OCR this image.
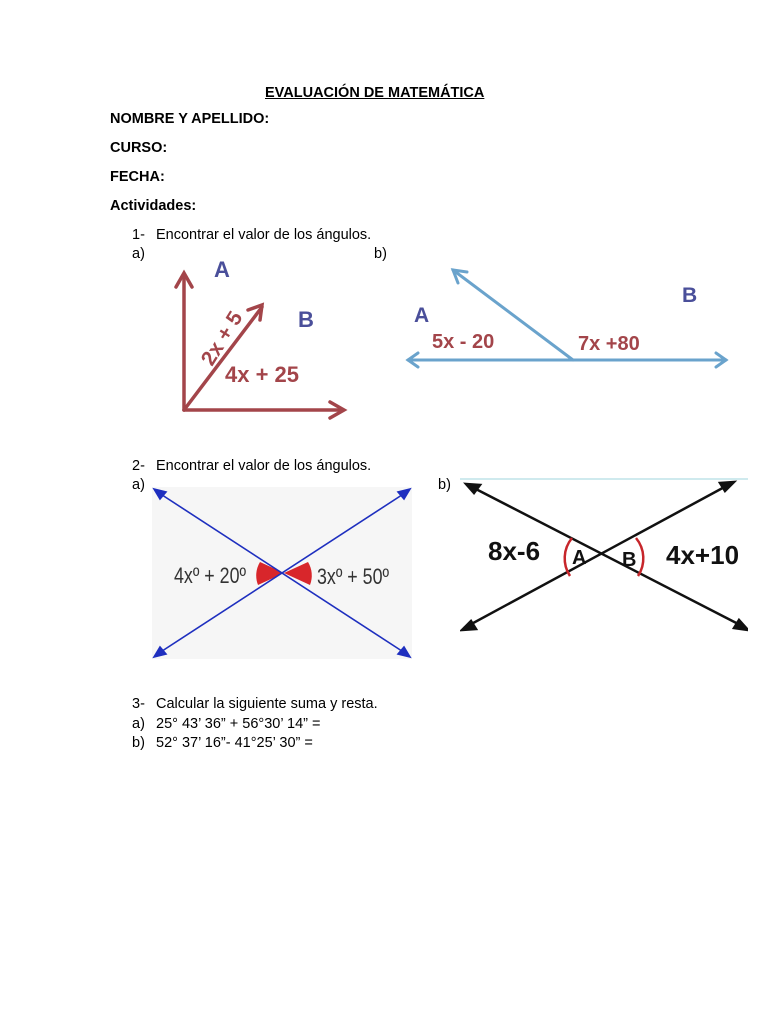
EVALUACIÓN DE MATEMÁTICA
NOMBRE Y APELLIDO:
CURSO:
FECHA:
Actividades:
1- Encontrar el valor de los ángulos.
a)	b)
A
B
2x + 5
4x + 25
A
B
5x - 20	7x +80
2- Encontrar el valor de los ángulos.
a)	b)
4xº + 20º	3xº + 50º
A B
8x-6	4x+10
3- Calcular la siguiente suma y resta.
a) 25° 43’ 36” + 56°30’ 14” =
b) 52° 37’ 16”- 41°25’ 30” =
